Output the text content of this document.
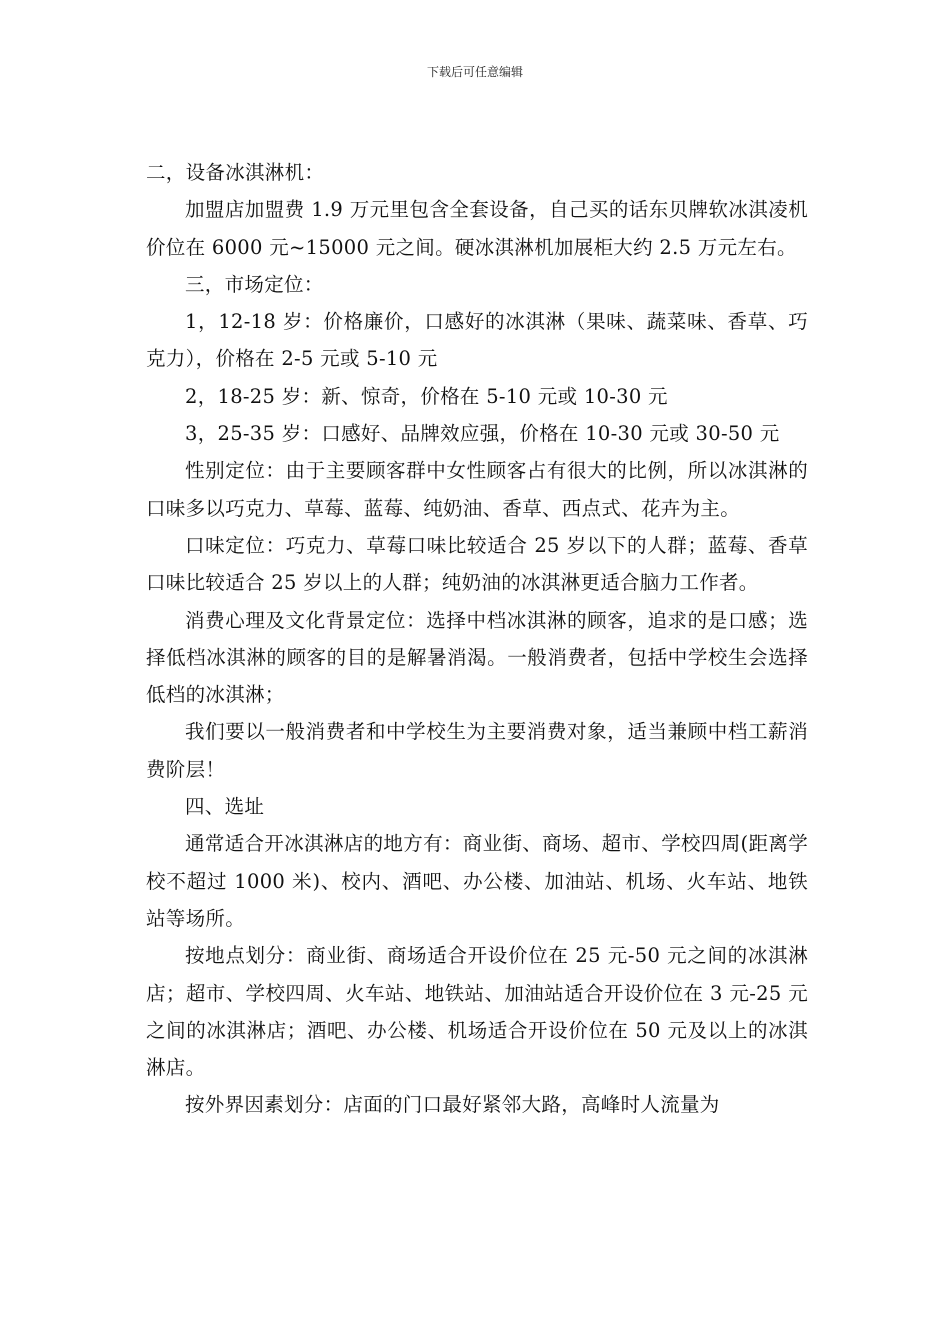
下载后可任意编辑

二，设备冰淇淋机：

加盟店加盟费 1.9 万元里包含全套设备，自己买的话东贝牌软冰淇凌机价位在 6000 元~15000 元之间。硬冰淇淋机加展柜大约 2.5 万元左右。

三，市场定位：

1，12-18 岁：价格廉价，口感好的冰淇淋（果味、蔬菜味、香草、巧克力），价格在 2-5 元或 5-10 元

2，18-25 岁：新、惊奇，价格在 5-10 元或 10-30 元

3，25-35 岁：口感好、品牌效应强，价格在 10-30 元或 30-50 元

性别定位：由于主要顾客群中女性顾客占有很大的比例，所以冰淇淋的口味多以巧克力、草莓、蓝莓、纯奶油、香草、西点式、花卉为主。

口味定位：巧克力、草莓口味比较适合 25 岁以下的人群；蓝莓、香草口味比较适合 25 岁以上的人群；纯奶油的冰淇淋更适合脑力工作者。

消费心理及文化背景定位：选择中档冰淇淋的顾客，追求的是口感；选择低档冰淇淋的顾客的目的是解暑消渴。一般消费者，包括中学校生会选择低档的冰淇淋；

我们要以一般消费者和中学校生为主要消费对象，适当兼顾中档工薪消费阶层！

四、选址

通常适合开冰淇淋店的地方有：商业街、商场、超市、学校四周(距离学校不超过 1000 米)、校内、酒吧、办公楼、加油站、机场、火车站、地铁站等场所。

按地点划分：商业街、商场适合开设价位在 25 元-50 元之间的冰淇淋店；超市、学校四周、火车站、地铁站、加油站适合开设价位在 3 元-25 元之间的冰淇淋店；酒吧、办公楼、机场适合开设价位在 50 元及以上的冰淇淋店。

按外界因素划分：店面的门口最好紧邻大路，高峰时人流量为
